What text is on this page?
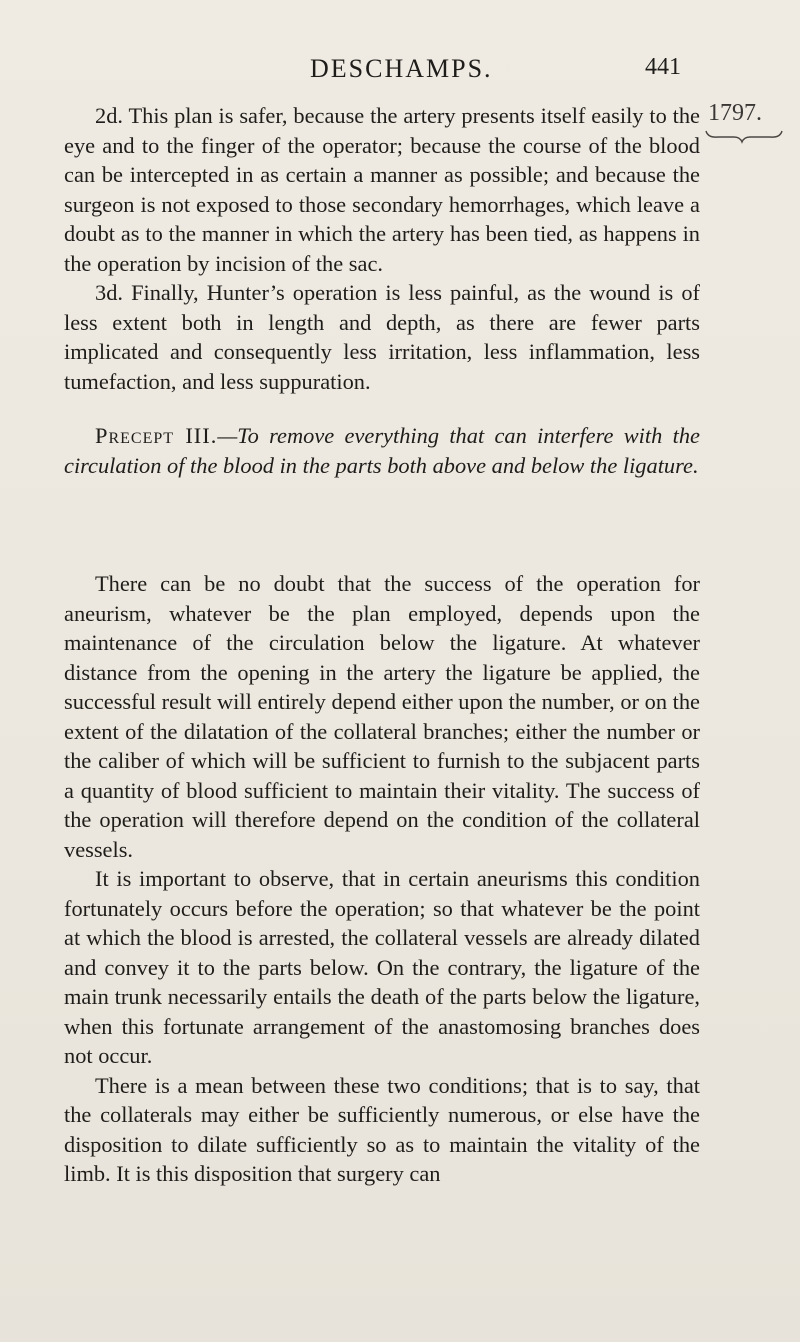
DESCHAMPS.	441
1797.

2d. This plan is safer, because the artery presents itself easily to the eye and to the finger of the operator; because the course of the blood can be intercepted in as certain a manner as possible; and because the surgeon is not exposed to those secondary hemorrhages, which leave a doubt as to the manner in which the artery has been tied, as happens in the operation by incision of the sac.

3d. Finally, Hunter’s operation is less painful, as the wound is of less extent both in length and depth, as there are fewer parts implicated and consequently less irritation, less inflammation, less tumefaction, and less suppuration.

Precept III.—To remove everything that can interfere with the circulation of the blood in the parts both above and below the ligature.

There can be no doubt that the success of the operation for aneurism, whatever be the plan employed, depends upon the maintenance of the circulation below the ligature. At whatever distance from the opening in the artery the ligature be applied, the successful result will entirely depend either upon the number, or on the extent of the dilatation of the collateral branches; either the number or the caliber of which will be sufficient to furnish to the subjacent parts a quantity of blood sufficient to maintain their vitality. The success of the operation will therefore depend on the condition of the collateral vessels.

It is important to observe, that in certain aneurisms this condition fortunately occurs before the operation; so that whatever be the point at which the blood is arrested, the collateral vessels are already dilated and convey it to the parts below. On the contrary, the ligature of the main trunk necessarily entails the death of the parts below the ligature, when this fortunate arrangement of the anastomosing branches does not occur.

There is a mean between these two conditions; that is to say, that the collaterals may either be sufficiently numerous, or else have the disposition to dilate sufficiently so as to maintain the vitality of the limb. It is this disposition that surgery can
